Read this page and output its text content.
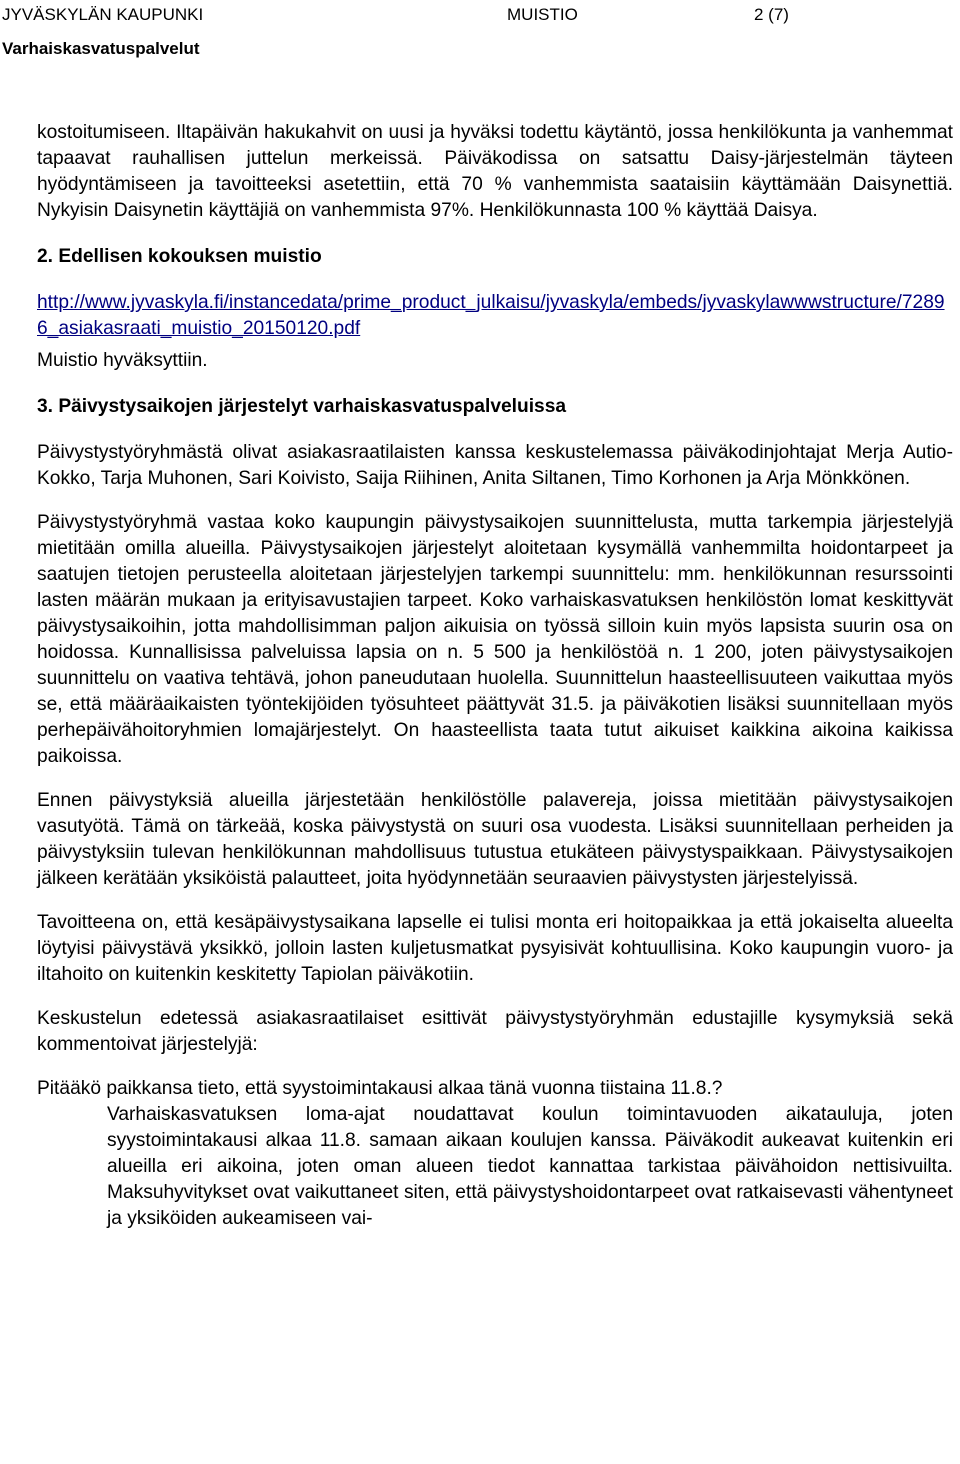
JYVÄSKYLÄN KAUPUNKI	MUISTIO	2 (7)
Varhaiskasvatuspalvelut

kostoitumiseen. Iltapäivän hakukahvit on uusi ja hyväksi todettu käytäntö, jossa henkilökunta ja vanhemmat tapaavat rauhallisen juttelun merkeissä. Päiväkodissa on satsattu Daisy-järjestelmän täyteen hyödyntämiseen ja tavoitteeksi asetettiin, että 70 % vanhemmista saataisiin käyttämään Daisynettiä. Nykyisin Daisynetin käyttäjiä on vanhemmista 97%. Henkilökunnasta 100 % käyttää Daisya.

2. Edellisen kokouksen muistio

http://www.jyvaskyla.fi/instancedata/prime_product_julkaisu/jyvaskyla/embeds/jyvaskylawwwstructure/72896_asiakasraati_muistio_20150120.pdf

Muistio hyväksyttiin.

3. Päivystysaikojen järjestelyt varhaiskasvatuspalveluissa

Päivystystyöryhmästä olivat asiakasraatilaisten kanssa keskustelemassa päiväkodinjohtajat Merja Autio-Kokko, Tarja Muhonen, Sari Koivisto, Saija Riihinen, Anita Siltanen, Timo Korhonen ja Arja Mönkkönen.

Päivystystyöryhmä vastaa koko kaupungin päivystysaikojen suunnittelusta, mutta tarkempia järjestelyjä mietitään omilla alueilla. Päivystysaikojen järjestelyt aloitetaan kysymällä vanhemmilta hoidontarpeet ja saatujen tietojen perusteella aloitetaan järjestelyjen tarkempi suunnittelu: mm. henkilökunnan resurssointi lasten määrän mukaan ja erityisavustajien tarpeet. Koko varhaiskasvatuksen henkilöstön lomat keskittyvät päivystysaikoihin, jotta mahdollisimman paljon aikuisia on työssä silloin kuin myös lapsista suurin osa on hoidossa. Kunnallisissa palveluissa lapsia on n. 5 500 ja henkilöstöä n. 1 200, joten päivystysaikojen suunnittelu on vaativa tehtävä, johon paneudutaan huolella. Suunnittelun haasteellisuuteen vaikuttaa myös se, että määräaikaisten työntekijöiden työsuhteet päättyvät 31.5. ja päiväkotien lisäksi suunnitellaan myös perhepäivähoitoryhmien lomajärjestelyt. On haasteellista taata tutut aikuiset kaikkina aikoina kaikissa paikoissa.

Ennen päivystyksiä alueilla järjestetään henkilöstölle palavereja, joissa mietitään päivystysaikojen vasutyötä. Tämä on tärkeää, koska päivystystä on suuri osa vuodesta. Lisäksi suunnitellaan perheiden ja päivystyksiin tulevan henkilökunnan mahdollisuus tutustua etukäteen päivystyspaikkaan. Päivystysaikojen jälkeen kerätään yksiköistä palautteet, joita hyödynnetään seuraavien päivystysten järjestelyissä.

Tavoitteena on, että kesäpäivystysaikana lapselle ei tulisi monta eri hoitopaikkaa ja että jokaiselta alueelta löytyisi päivystävä yksikkö, jolloin lasten kuljetusmatkat pysyisivät kohtuullisina. Koko kaupungin vuoro- ja iltahoito on kuitenkin keskitetty Tapiolan päiväkotiin.

Keskustelun edetessä asiakasraatilaiset esittivät päivystystyöryhmän edustajille kysymyksiä sekä kommentoivat järjestelyjä:

Pitääkö paikkansa tieto, että syystoimintakausi alkaa tänä vuonna tiistaina 11.8.?

Varhaiskasvatuksen loma-ajat noudattavat koulun toimintavuoden aikatauluja, joten syystoimintakausi alkaa 11.8. samaan aikaan koulujen kanssa. Päiväkodit aukeavat kuitenkin eri alueilla eri aikoina, joten oman alueen tiedot kannattaa tarkistaa päivähoidon nettisivuilta. Maksuhyvitykset ovat vaikuttaneet siten, että päivystyshoidontarpeet ovat ratkaisevasti vähentyneet ja yksiköiden aukeamiseen vai-
